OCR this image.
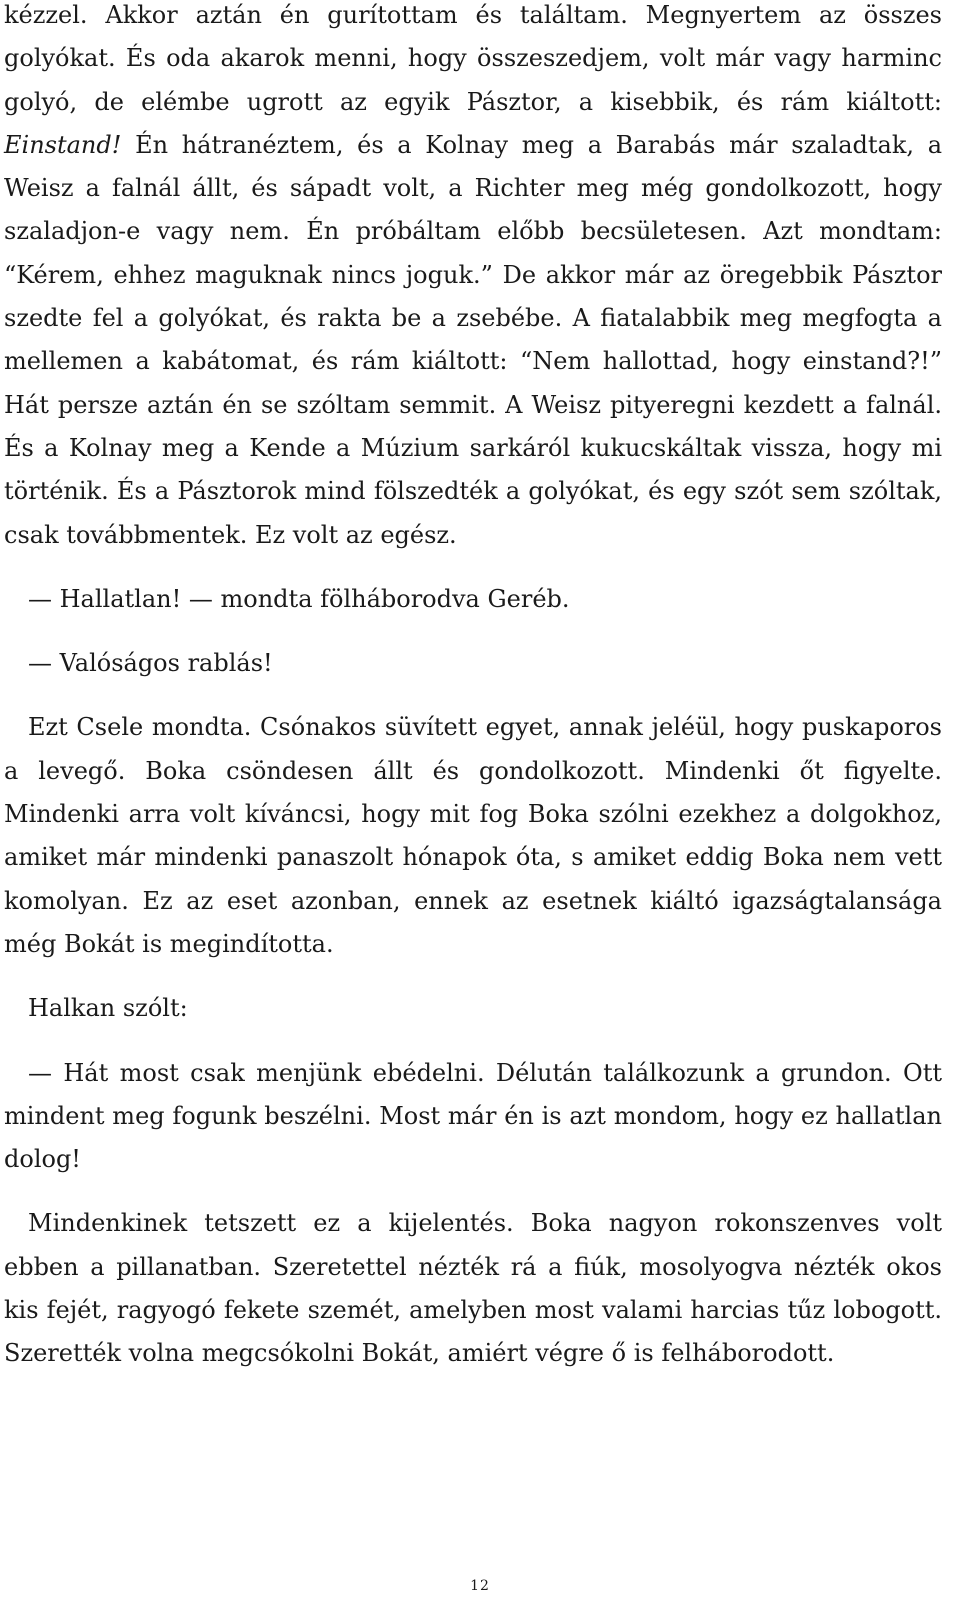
kézzel. Akkor aztán én gurítottam és találtam. Megnyertem az összes golyókat. És oda akarok menni, hogy összeszedjem, volt már vagy harminc golyó, de elémbe ugrott az egyik Pásztor, a kisebbik, és rám kiáltott: Einstand! Én hátranéztem, és a Kolnay meg a Barabás már szaladtak, a Weisz a falnál állt, és sápadt volt, a Richter meg még gondolkozott, hogy szaladjon-e vagy nem. Én próbáltam előbb becsületesen. Azt mondtam: “Kérem, ehhez maguknak nincs joguk.” De akkor már az öregebbik Pásztor szedte fel a golyókat, és rakta be a zsebébe. A fiatalabbik meg megfogta a mellemen a kabátomat, és rám kiáltott: “Nem hallottad, hogy einstand?!” Hát persze aztán én se szóltam semmit. A Weisz pityeregni kezdett a falnál. És a Kolnay meg a Kende a Múzium sarkáról kukucskáltak vissza, hogy mi történik. És a Pásztorok mind fölszedték a golyókat, és egy szót sem szóltak, csak továbbmentek. Ez volt az egész.

— Hallatlan! — mondta fölháborodva Geréb.

— Valóságos rablás!

Ezt Csele mondta. Csónakos süvített egyet, annak jeléül, hogy puskaporos a levegő. Boka csöndesen állt és gondolkozott. Mindenki őt figyelte. Mindenki arra volt kíváncsi, hogy mit fog Boka szólni ezekhez a dolgokhoz, amiket már mindenki panaszolt hónapok óta, s amiket eddig Boka nem vett komolyan. Ez az eset azonban, ennek az esetnek kiáltó igazságtalansága még Bokát is megindította.

Halkan szólt:

— Hát most csak menjünk ebédelni. Délután találkozunk a grundon. Ott mindent meg fogunk beszélni. Most már én is azt mondom, hogy ez hallatlan dolog!

Mindenkinek tetszett ez a kijelentés. Boka nagyon rokonszenves volt ebben a pillanatban. Szeretettel nézték rá a fiúk, mosolyogva nézték okos kis fejét, ragyogó fekete szemét, amelyben most valami harcias tűz lobogott. Szerették volna megcsókolni Bokát, amiért végre ő is felháborodott.

12
